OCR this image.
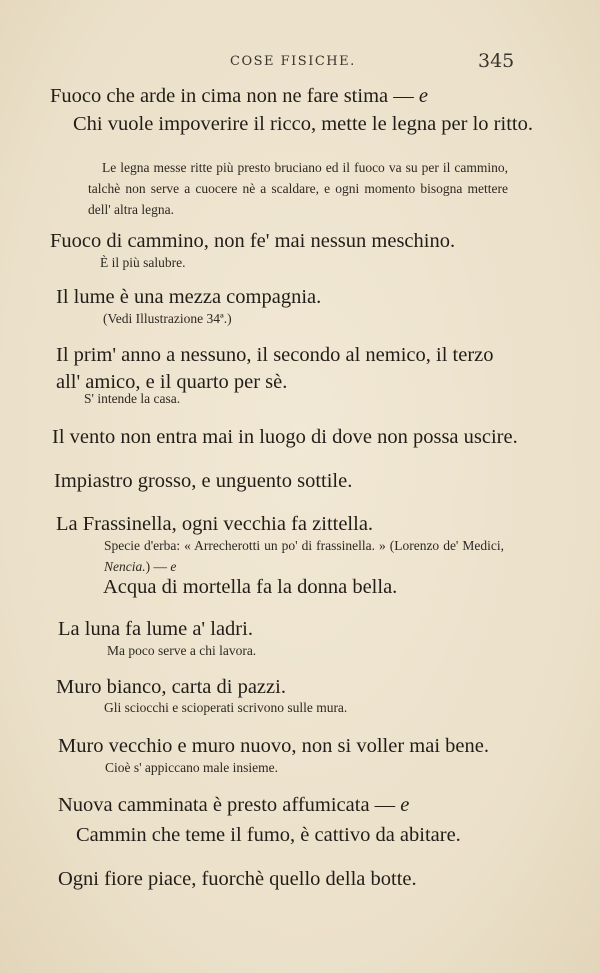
COSE FISICHE.	345
Fuoco che arde in cima non ne fare stima — e
Chi vuole impoverire il ricco, mette le legna per lo ritto.
Le legna messe ritte più presto bruciano ed il fuoco va su per il cammino, talchè non serve a cuocere nè a scaldare, e ogni momento bisogna mettere dell' altra legna.
Fuoco di cammino, non fe' mai nessun meschino.
È il più salubre.
Il lume è una mezza compagnia.
(Vedi Illustrazione 34ª.)
Il prim' anno a nessuno, il secondo al nemico, il terzo all' amico, e il quarto per sè.
S' intende la casa.
Il vento non entra mai in luogo di dove non possa uscire.
Impiastro grosso, e unguento sottile.
La Frassinella, ogni vecchia fa zittella.
Specie d'erba: « Arrecherotti un po' di frassinella. » (Lorenzo de' Medici, Nencia.) — e
Acqua di mortella fa la donna bella.
La luna fa lume a' ladri.
Ma poco serve a chi lavora.
Muro bianco, carta di pazzi.
Gli sciocchi e scioperati scrivono sulle mura.
Muro vecchio e muro nuovo, non si voller mai bene.
Cioè s' appiccano male insieme.
Nuova camminata è presto affumicata — e
Cammin che teme il fumo, è cattivo da abitare.
Ogni fiore piace, fuorchè quello della botte.
